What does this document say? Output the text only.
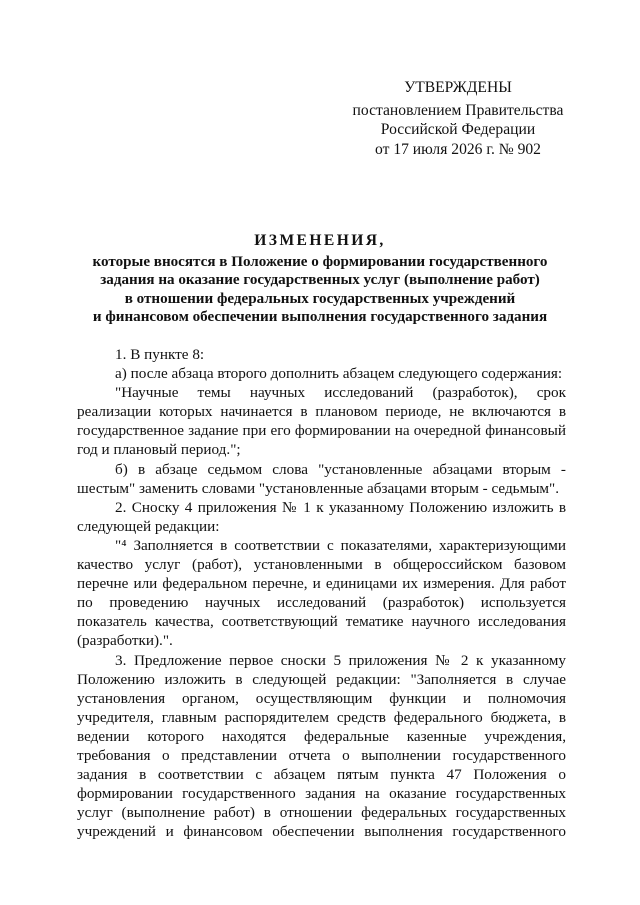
УТВЕРЖДЕНЫ
постановлением Правительства
Российской Федерации
от 17 июля 2026 г. № 902
ИЗМЕНЕНИЯ,
которые вносятся в Положение о формировании государственного
задания на оказание государственных услуг (выполнение работ)
в отношении федеральных государственных учреждений
и финансовом обеспечении выполнения государственного задания

1. В пункте 8:

а) после абзаца второго дополнить абзацем следующего содержания:

"Научные темы научных исследований (разработок), срок реализации которых начинается в плановом периоде, не включаются в государственное задание при его формировании на очередной финансовый год и плановый период.";

б) в абзаце седьмом слова "установленные абзацами вторым - шестым" заменить словами "установленные абзацами вторым - седьмым".

2. Сноску 4 приложения № 1 к указанному Положению изложить в следующей редакции:

"⁴ Заполняется в соответствии с показателями, характеризующими качество услуг (работ), установленными в общероссийском базовом перечне или федеральном перечне, и единицами их измерения. Для работ по проведению научных исследований (разработок) используется показатель качества, соответствующий тематике научного исследования (разработки).".

3. Предложение первое сноски 5 приложения № 2 к указанному Положению изложить в следующей редакции: "Заполняется в случае установления органом, осуществляющим функции и полномочия учредителя, главным распорядителем средств федерального бюджета, в ведении которого находятся федеральные казенные учреждения, требования о представлении отчета о выполнении государственного задания в соответствии с абзацем пятым пункта 47 Положения о формировании государственного задания на оказание государственных услуг (выполнение работ) в отношении федеральных государственных учреждений и финансовом обеспечении выполнения государственного
